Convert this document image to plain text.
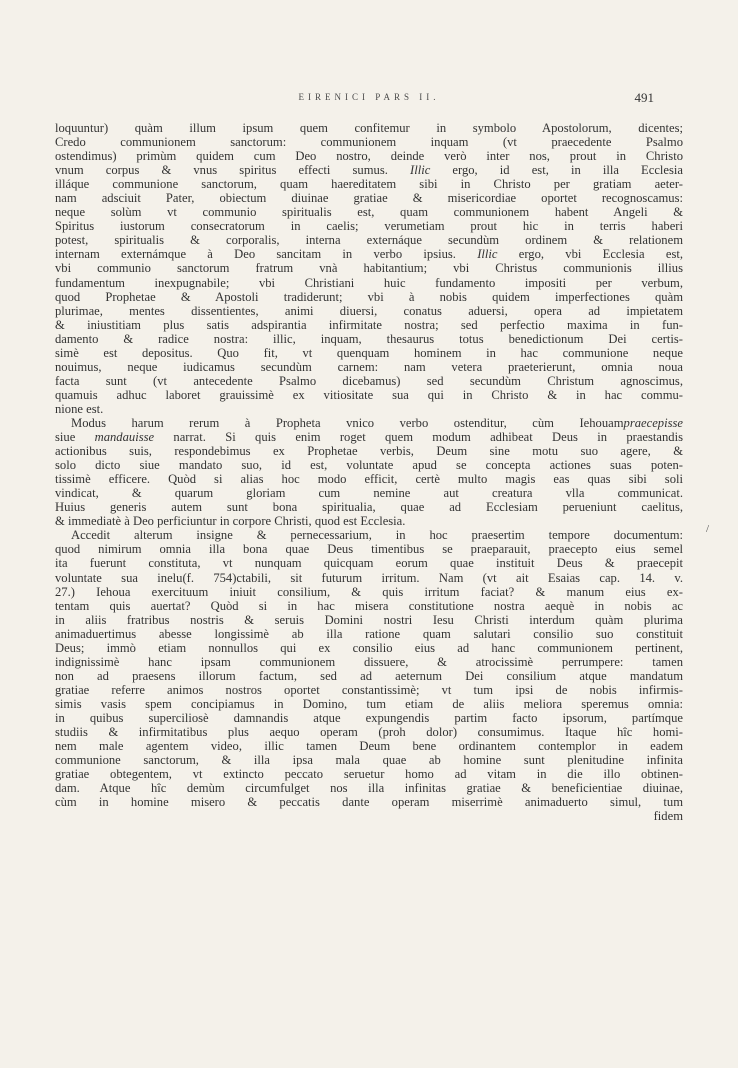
EIRENICI PARS II.	491
loquuntur) quàm illum ipsum quem confitemur in symbolo Apostolorum, dicentes;
Credo communionem sanctorum: communionem inquam (vt praecedente Psalmo
ostendimus) primùm quidem cum Deo nostro, deinde verò inter nos, prout in Christo
vnum corpus & vnus spiritus effecti sumus. Illic ergo, id est, in illa Ecclesia
illáque communione sanctorum, quam haereditatem sibi in Christo per gratiam aeter-
nam adsciuit Pater, obiectum diuinae gratiae & misericordiae oportet recognoscamus:
neque solùm vt communio spiritualis est, quam communionem habent Angeli &
Spiritus iustorum consecratorum in caelis; verumetiam prout hic in terris haberi
potest, spiritualis & corporalis, interna externáque secundùm ordinem & relationem
internam externámque à Deo sancitam in verbo ipsius. Illic ergo, vbi Ecclesia est,
vbi communio sanctorum fratrum vnà habitantium; vbi Christus communionis illius
fundamentum inexpugnabile; vbi Christiani huic fundamento impositi per verbum,
quod Prophetae & Apostoli tradiderunt; vbi à nobis quidem imperfectiones quàm
plurimae, mentes dissentientes, animi diuersi, conatus aduersi, opera ad impietatem
& iniustitiam plus satis adspirantia infirmitate nostra; sed perfectio maxima in fun-
damento & radice nostra: illic, inquam, thesaurus totus benedictionum Dei certis-
simè est depositus. Quo fit, vt quenquam hominem in hac communione neque
nouimus, neque iudicamus secundùm carnem: nam vetera praeterierunt, omnia noua
facta sunt (vt antecedente Psalmo dicebamus) sed secundùm Christum agnoscimus,
quamuis adhuc laboret grauissimè ex vitiositate sua qui in Christo & in hac commu-
nione est.
Modus harum rerum à Propheta vnico verbo ostenditur, cùm Iehouampraecepisse
siue mandauisse narrat. Si quis enim roget quem modum adhibeat Deus in praestandis
actionibus suis, respondebimus ex Prophetae verbis, Deum sine motu suo agere, &
solo dicto siue mandato suo, id est, voluntate apud se concepta actiones suas poten-
tissimè efficere. Quòd si alias hoc modo efficit, certè multo magis eas quas sibi soli
vindicat, & quarum gloriam cum nemine aut creatura vlla communicat.
Huius generis autem sunt bona spiritualia, quae ad Ecclesiam perueniunt caelitus,
& immediatè à Deo perficiuntur in corpore Christi, quod est Ecclesia.
Accedit alterum insigne & pernecessarium, in hoc praesertim tempore documentum:
quod nimirum omnia illa bona quae Deus timentibus se praeparauit, praecepto eius semel
ita fuerunt constituta, vt nunquam quicquam eorum quae instituit Deus & praecepit
voluntate sua inelu(f. 754)ctabili, sit futurum irritum. Nam (vt ait Esaias cap. 14. v.
27.) Iehoua exercituum iniuit consilium, & quis irritum faciat? & manum eius ex-
tentam quis auertat? Quòd si in hac misera constitutione nostra aequè in nobis ac
in aliis fratribus nostris & seruis Domini nostri Iesu Christi interdum quàm plurima
animaduertimus abesse longissimè ab illa ratione quam salutari consilio suo constituit
Deus; immò etiam nonnullos qui ex consilio eius ad hanc communionem pertinent,
indignissimè hanc ipsam communionem dissuere, & atrocissimè perrumpere: tamen
non ad praesens illorum factum, sed ad aeternum Dei consilium atque mandatum
gratiae referre animos nostros oportet constantissimè; vt tum ipsi de nobis infirmis-
simis vasis spem concipiamus in Domino, tum etiam de aliis meliora speremus omnia:
in quibus superciliosè damnandis atque expungendis partim facto ipsorum, partímque
studiis & infirmitatibus plus aequo operam (proh dolor) consumimus. Itaque hîc homi-
nem male agentem video, illic tamen Deum bene ordinantem contemplor in eadem
communione sanctorum, & illa ipsa mala quae ab homine sunt plenitudine infinita
gratiae obtegentem, vt extincto peccato seruetur homo ad vitam in die illo obtinen-
dam. Atque hîc demùm circumfulget nos illa infinitas gratiae & beneficientiae diuinae,
cùm in homine misero & peccatis dante operam miserrimè animaduerto simul, tum
fidem
/
